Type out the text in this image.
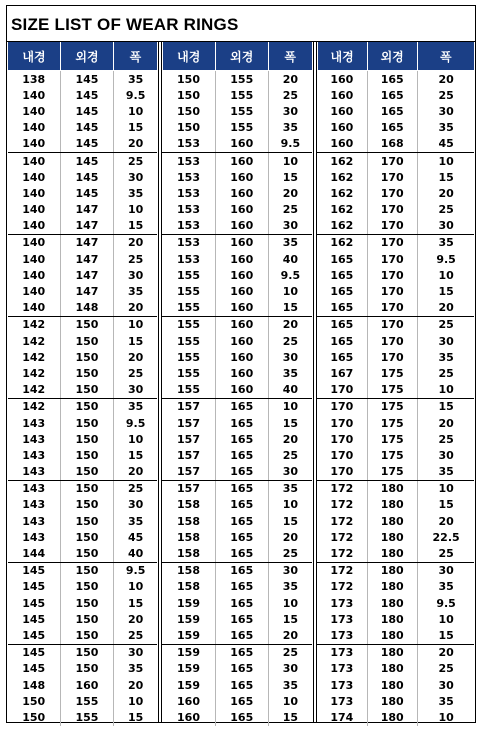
SIZE LIST OF WEAR RINGS
내경	외경	폭
138	145	35
140	145	9.5
140	145	10
140	145	15
140	145	20
140	145	25
140	145	30
140	145	35
140	147	10
140	147	15
140	147	20
140	147	25
140	147	30
140	147	35
140	148	20
142	150	10
142	150	15
142	150	20
142	150	25
142	150	30
142	150	35
143	150	9.5
143	150	10
143	150	15
143	150	20
143	150	25
143	150	30
143	150	35
143	150	45
144	150	40
145	150	9.5
145	150	10
145	150	15
145	150	20
145	150	25
145	150	30
145	150	35
148	160	20
150	155	10
150	155	15
내경	외경	폭
150	155	20
150	155	25
150	155	30
150	155	35
153	160	9.5
153	160	10
153	160	15
153	160	20
153	160	25
153	160	30
153	160	35
153	160	40
155	160	9.5
155	160	10
155	160	15
155	160	20
155	160	25
155	160	30
155	160	35
155	160	40
157	165	10
157	165	15
157	165	20
157	165	25
157	165	30
157	165	35
158	165	10
158	165	15
158	165	20
158	165	25
158	165	30
158	165	35
159	165	10
159	165	15
159	165	20
159	165	25
159	165	30
159	165	35
160	165	10
160	165	15
내경	외경	폭
160	165	20
160	165	25
160	165	30
160	165	35
160	168	45
162	170	10
162	170	15
162	170	20
162	170	25
162	170	30
162	170	35
165	170	9.5
165	170	10
165	170	15
165	170	20
165	170	25
165	170	30
165	170	35
167	175	25
170	175	10
170	175	15
170	175	20
170	175	25
170	175	30
170	175	35
172	180	10
172	180	15
172	180	20
172	180	22.5
172	180	25
172	180	30
172	180	35
173	180	9.5
173	180	10
173	180	15
173	180	20
173	180	25
173	180	30
173	180	35
174	180	10
